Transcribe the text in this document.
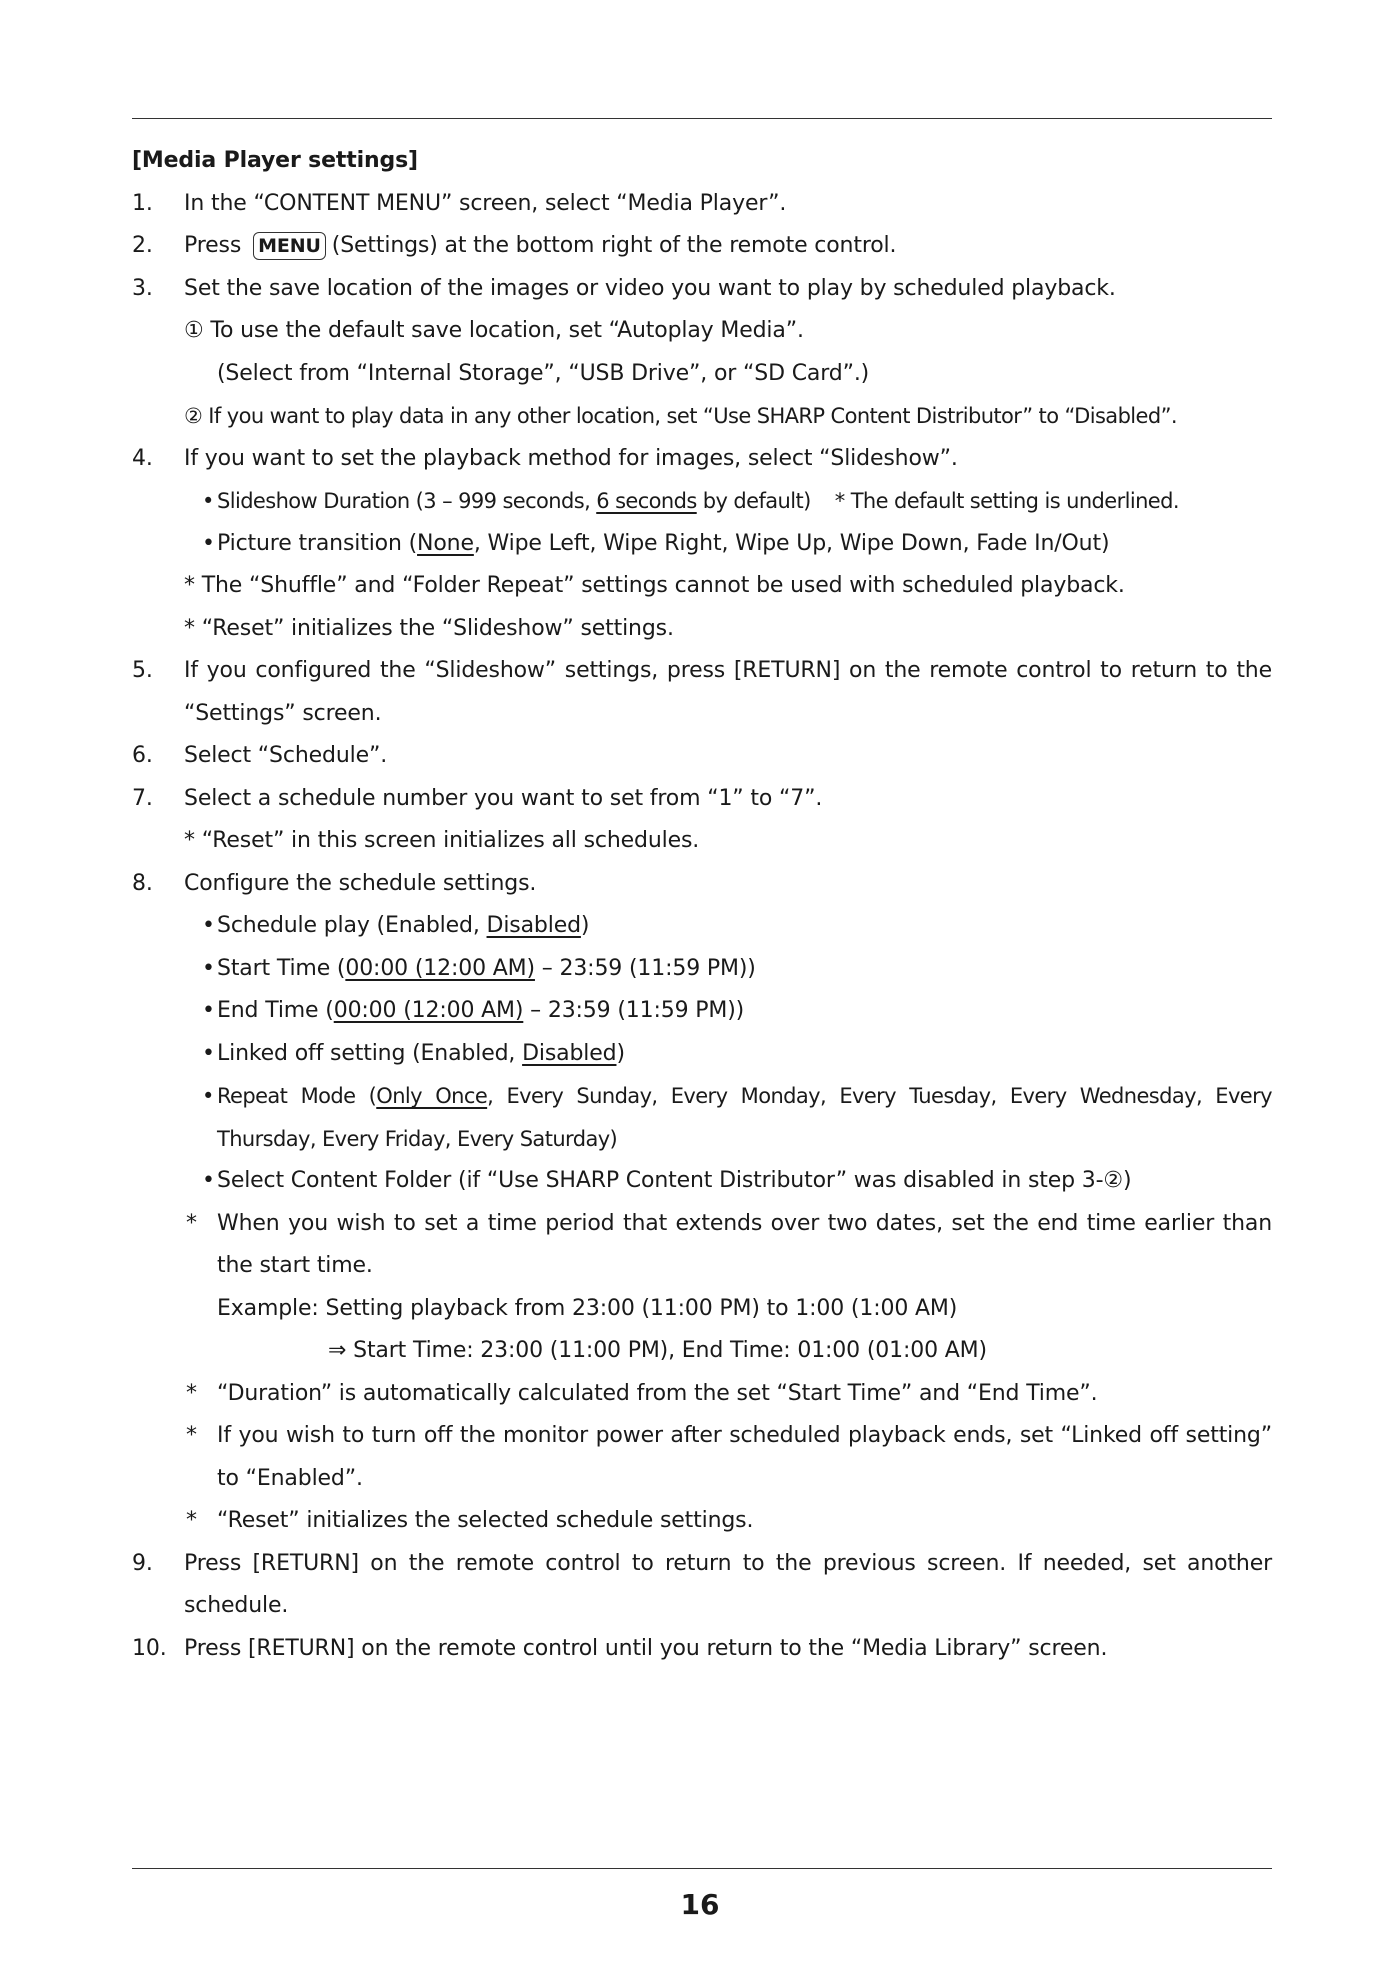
[Media Player settings]
1. In the “CONTENT MENU” screen, select “Media Player”.
2. Press MENU (Settings) at the bottom right of the remote control.
3. Set the save location of the images or video you want to play by scheduled playback.
① To use the default save location, set “Autoplay Media”.
(Select from “Internal Storage”, “USB Drive”, or “SD Card”.)
② If you want to play data in any other location, set “Use SHARP Content Distributor” to “Disabled”.
4. If you want to set the playback method for images, select “Slideshow”.
• Slideshow Duration (3 – 999 seconds, 6 seconds by default) * The default setting is underlined.
•Picture transition (None, Wipe Left, Wipe Right, Wipe Up, Wipe Down, Fade In/Out)
* The “Shuffle” and “Folder Repeat” settings cannot be used with scheduled playback.
* “Reset” initializes the “Slideshow” settings.
5.	If you configured the “Slideshow” settings, press [RETURN] on the remote control to return to the “Settings” screen.
6. Select “Schedule”.
7. Select a schedule number you want to set from “1” to “7”.
* “Reset” in this screen initializes all schedules.
8. Configure the schedule settings.
•Schedule play (Enabled, Disabled)
•Start Time (00:00 (12:00 AM) – 23:59 (11:59 PM))
•End Time (00:00 (12:00 AM) – 23:59 (11:59 PM))
•Linked off setting (Enabled, Disabled)
• Repeat Mode (Only Once, Every Sunday, Every Monday, Every Tuesday, Every Wednesday, Every Thursday, Every Friday, Every Saturday)
•Select Content Folder (if “Use SHARP Content Distributor” was disabled in step 3-②)
* When you wish to set a time period that extends over two dates, set the end time earlier than the start time.
Example: Setting playback from 23:00 (11:00 PM) to 1:00 (1:00 AM)
⇒ Start Time: 23:00 (11:00 PM), End Time: 01:00 (01:00 AM)
* “Duration” is automatically calculated from the set “Start Time” and “End Time”.
* If you wish to turn off the monitor power after scheduled playback ends, set “Linked off setting” to “Enabled”.
* “Reset” initializes the selected schedule settings.
9.	Press [RETURN] on the remote control to return to the previous screen. If needed, set another schedule.
10. Press [RETURN] on the remote control until you return to the “Media Library” screen.
16
